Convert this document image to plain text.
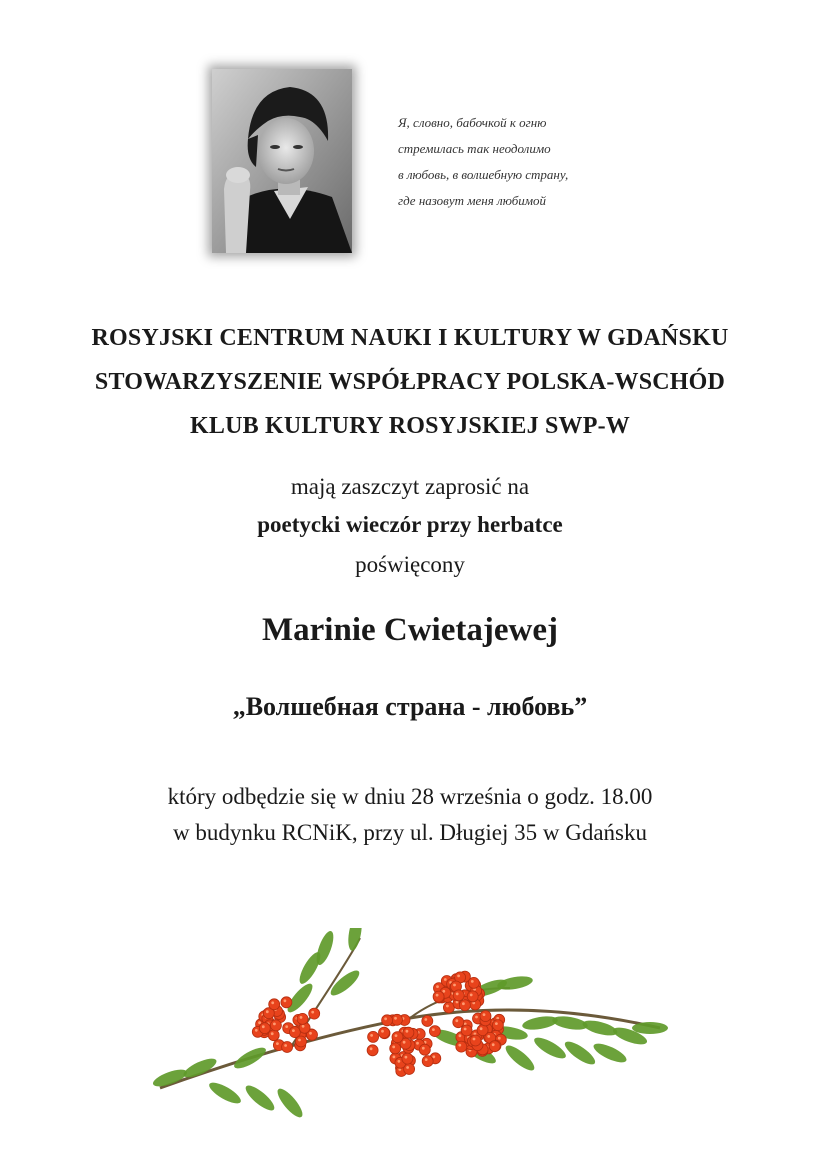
Я, словно, бабочкой к огню
стремилась так неодолимо
в любовь, в волшебную страну,
где назовут меня любимой
ROSYJSKI CENTRUM NAUKI I KULTURY W GDAŃSKU
STOWARZYSZENIE WSPÓŁPRACY POLSKA-WSCHÓD
KLUB KULTURY ROSYJSKIEJ SWP-W
mają zaszczyt zaprosić na
poetycki wieczór przy herbatce
poświęcony
Marinie Cwietajewej
„Волшебная страна - любовь”
który odbędzie się w dniu 28 września o godz. 18.00
w budynku RCNiK, przy ul. Długiej 35 w Gdańsku
